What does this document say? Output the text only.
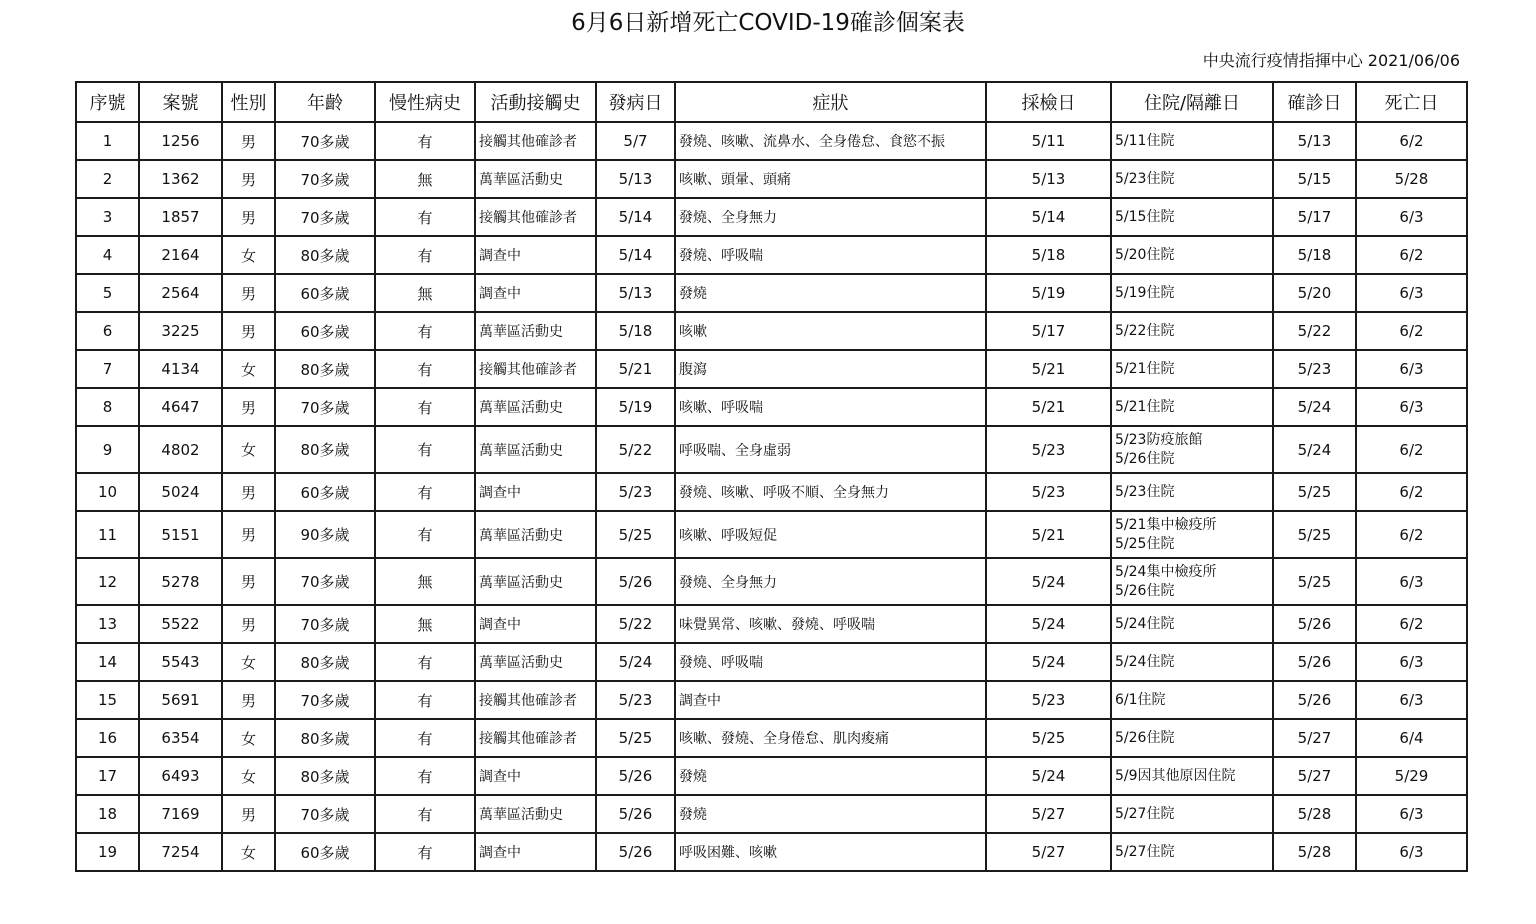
6月6日新增死亡COVID-19確診個案表
中央流行疫情指揮中心 2021/06/06
序號	案號	性別	年齡	慢性病史	活動接觸史	發病日	症狀	採檢日	住院/隔離日	確診日	死亡日
1	1256	男	70多歲	有	接觸其他確診者	5/7	發燒、咳嗽、流鼻水、全身倦怠、食慾不振	5/11	5/11住院	5/13	6/2
2	1362	男	70多歲	無	萬華區活動史	5/13	咳嗽、頭暈、頭痛	5/13	5/23住院	5/15	5/28
3	1857	男	70多歲	有	接觸其他確診者	5/14	發燒、全身無力	5/14	5/15住院	5/17	6/3
4	2164	女	80多歲	有	調查中	5/14	發燒、呼吸喘	5/18	5/20住院	5/18	6/2
5	2564	男	60多歲	無	調查中	5/13	發燒	5/19	5/19住院	5/20	6/3
6	3225	男	60多歲	有	萬華區活動史	5/18	咳嗽	5/17	5/22住院	5/22	6/2
7	4134	女	80多歲	有	接觸其他確診者	5/21	腹瀉	5/21	5/21住院	5/23	6/3
8	4647	男	70多歲	有	萬華區活動史	5/19	咳嗽、呼吸喘	5/21	5/21住院	5/24	6/3
9	4802	女	80多歲	有	萬華區活動史	5/22	呼吸喘、全身虛弱	5/23	5/23防疫旅館
5/26住院	5/24	6/2
10	5024	男	60多歲	有	調查中	5/23	發燒、咳嗽、呼吸不順、全身無力	5/23	5/23住院	5/25	6/2
11	5151	男	90多歲	有	萬華區活動史	5/25	咳嗽、呼吸短促	5/21	5/21集中檢疫所
5/25住院	5/25	6/2
12	5278	男	70多歲	無	萬華區活動史	5/26	發燒、全身無力	5/24	5/24集中檢疫所
5/26住院	5/25	6/3
13	5522	男	70多歲	無	調查中	5/22	味覺異常、咳嗽、發燒、呼吸喘	5/24	5/24住院	5/26	6/2
14	5543	女	80多歲	有	萬華區活動史	5/24	發燒、呼吸喘	5/24	5/24住院	5/26	6/3
15	5691	男	70多歲	有	接觸其他確診者	5/23	調查中	5/23	6/1住院	5/26	6/3
16	6354	女	80多歲	有	接觸其他確診者	5/25	咳嗽、發燒、全身倦怠、肌肉痠痛	5/25	5/26住院	5/27	6/4
17	6493	女	80多歲	有	調查中	5/26	發燒	5/24	5/9因其他原因住院	5/27	5/29
18	7169	男	70多歲	有	萬華區活動史	5/26	發燒	5/27	5/27住院	5/28	6/3
19	7254	女	60多歲	有	調查中	5/26	呼吸困難、咳嗽	5/27	5/27住院	5/28	6/3
